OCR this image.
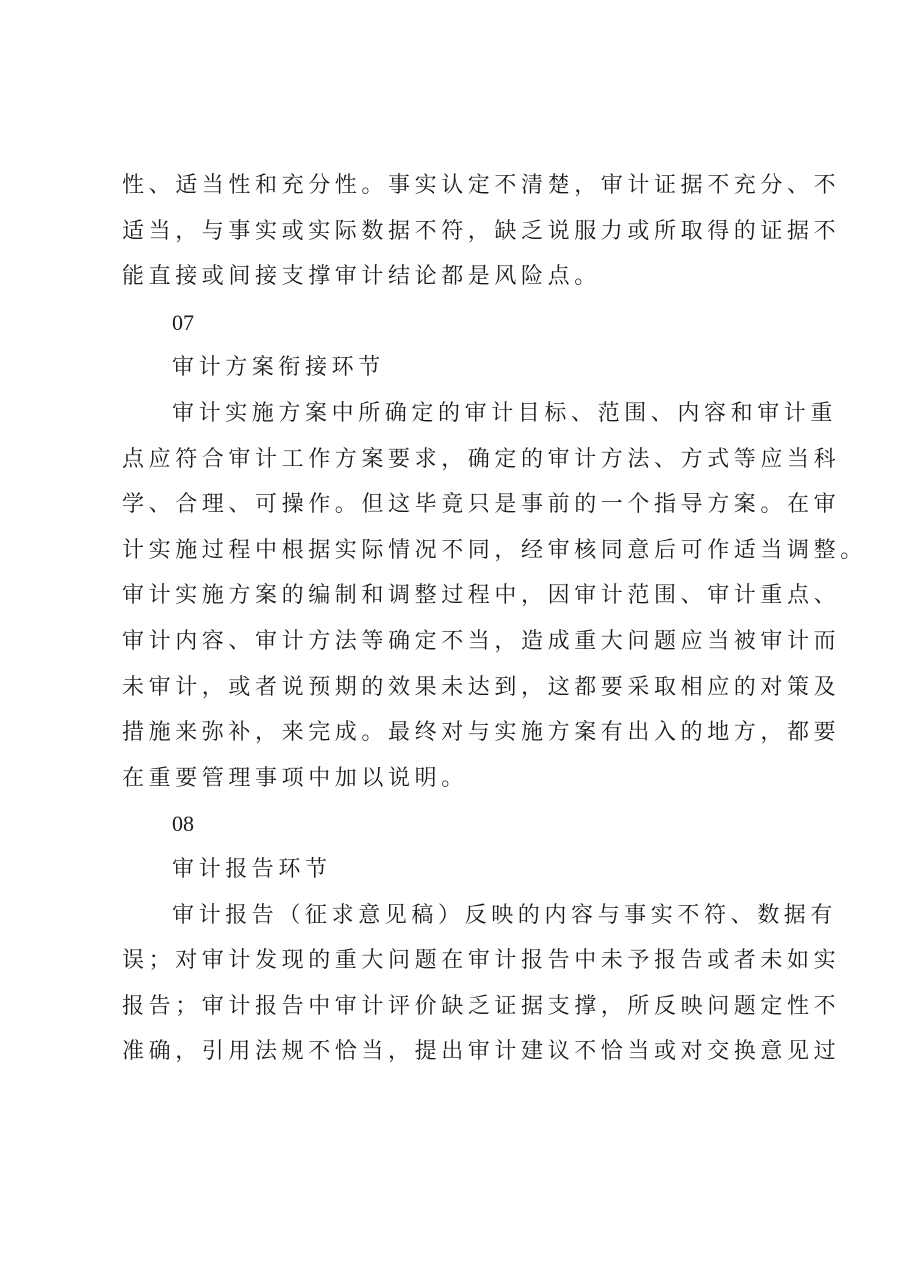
性、适当性和充分性。事实认定不清楚，审计证据不充分、不
适当，与事实或实际数据不符，缺乏说服力或所取得的证据不
能直接或间接支撑审计结论都是风险点。
07
审计方案衔接环节
审计实施方案中所确定的审计目标、范围、内容和审计重
点应符合审计工作方案要求，确定的审计方法、方式等应当科
学、合理、可操作。但这毕竟只是事前的一个指导方案。在审
计实施过程中根据实际情况不同，经审核同意后可作适当调整。
审计实施方案的编制和调整过程中，因审计范围、审计重点、
审计内容、审计方法等确定不当，造成重大问题应当被审计而
未审计，或者说预期的效果未达到，这都要采取相应的对策及
措施来弥补，来完成。最终对与实施方案有出入的地方，都要
在重要管理事项中加以说明。
08
审计报告环节
审计报告（征求意见稿）反映的内容与事实不符、数据有
误；对审计发现的重大问题在审计报告中未予报告或者未如实
报告；审计报告中审计评价缺乏证据支撑，所反映问题定性不
准确，引用法规不恰当，提出审计建议不恰当或对交换意见过
